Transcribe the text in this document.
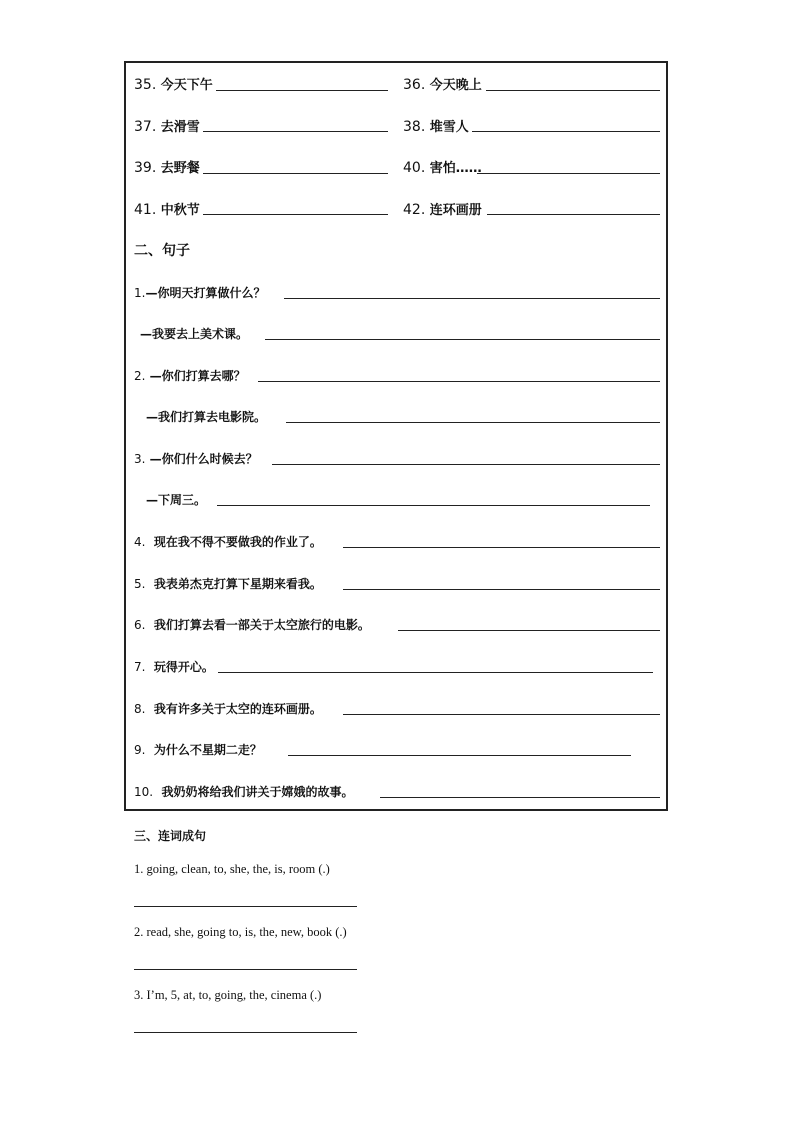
35. 今天下午	36. 今天晚上
37. 去滑雪	38. 堆雪人
39. 去野餐	40. 害怕……
41. 中秋节	42. 连环画册
二、句子
1.—你明天打算做什么？
—我要去上美术课。
2. —你们打算去哪？
—我们打算去电影院。
3. —你们什么时候去？
—下周三。
4. 现在我不得不要做我的作业了。
5. 我表弟杰克打算下星期来看我。
6. 我们打算去看一部关于太空旅行的电影。
7. 玩得开心。
8. 我有许多关于太空的连环画册。
9. 为什么不星期二走？
10. 我奶奶将给我们讲关于嫦娥的故事。
三、连词成句
1. going, clean, to, she, the, is, room (.)
2. read, she, going to, is, the, new, book (.)
3. I’m, 5, at, to, going, the, cinema (.)
